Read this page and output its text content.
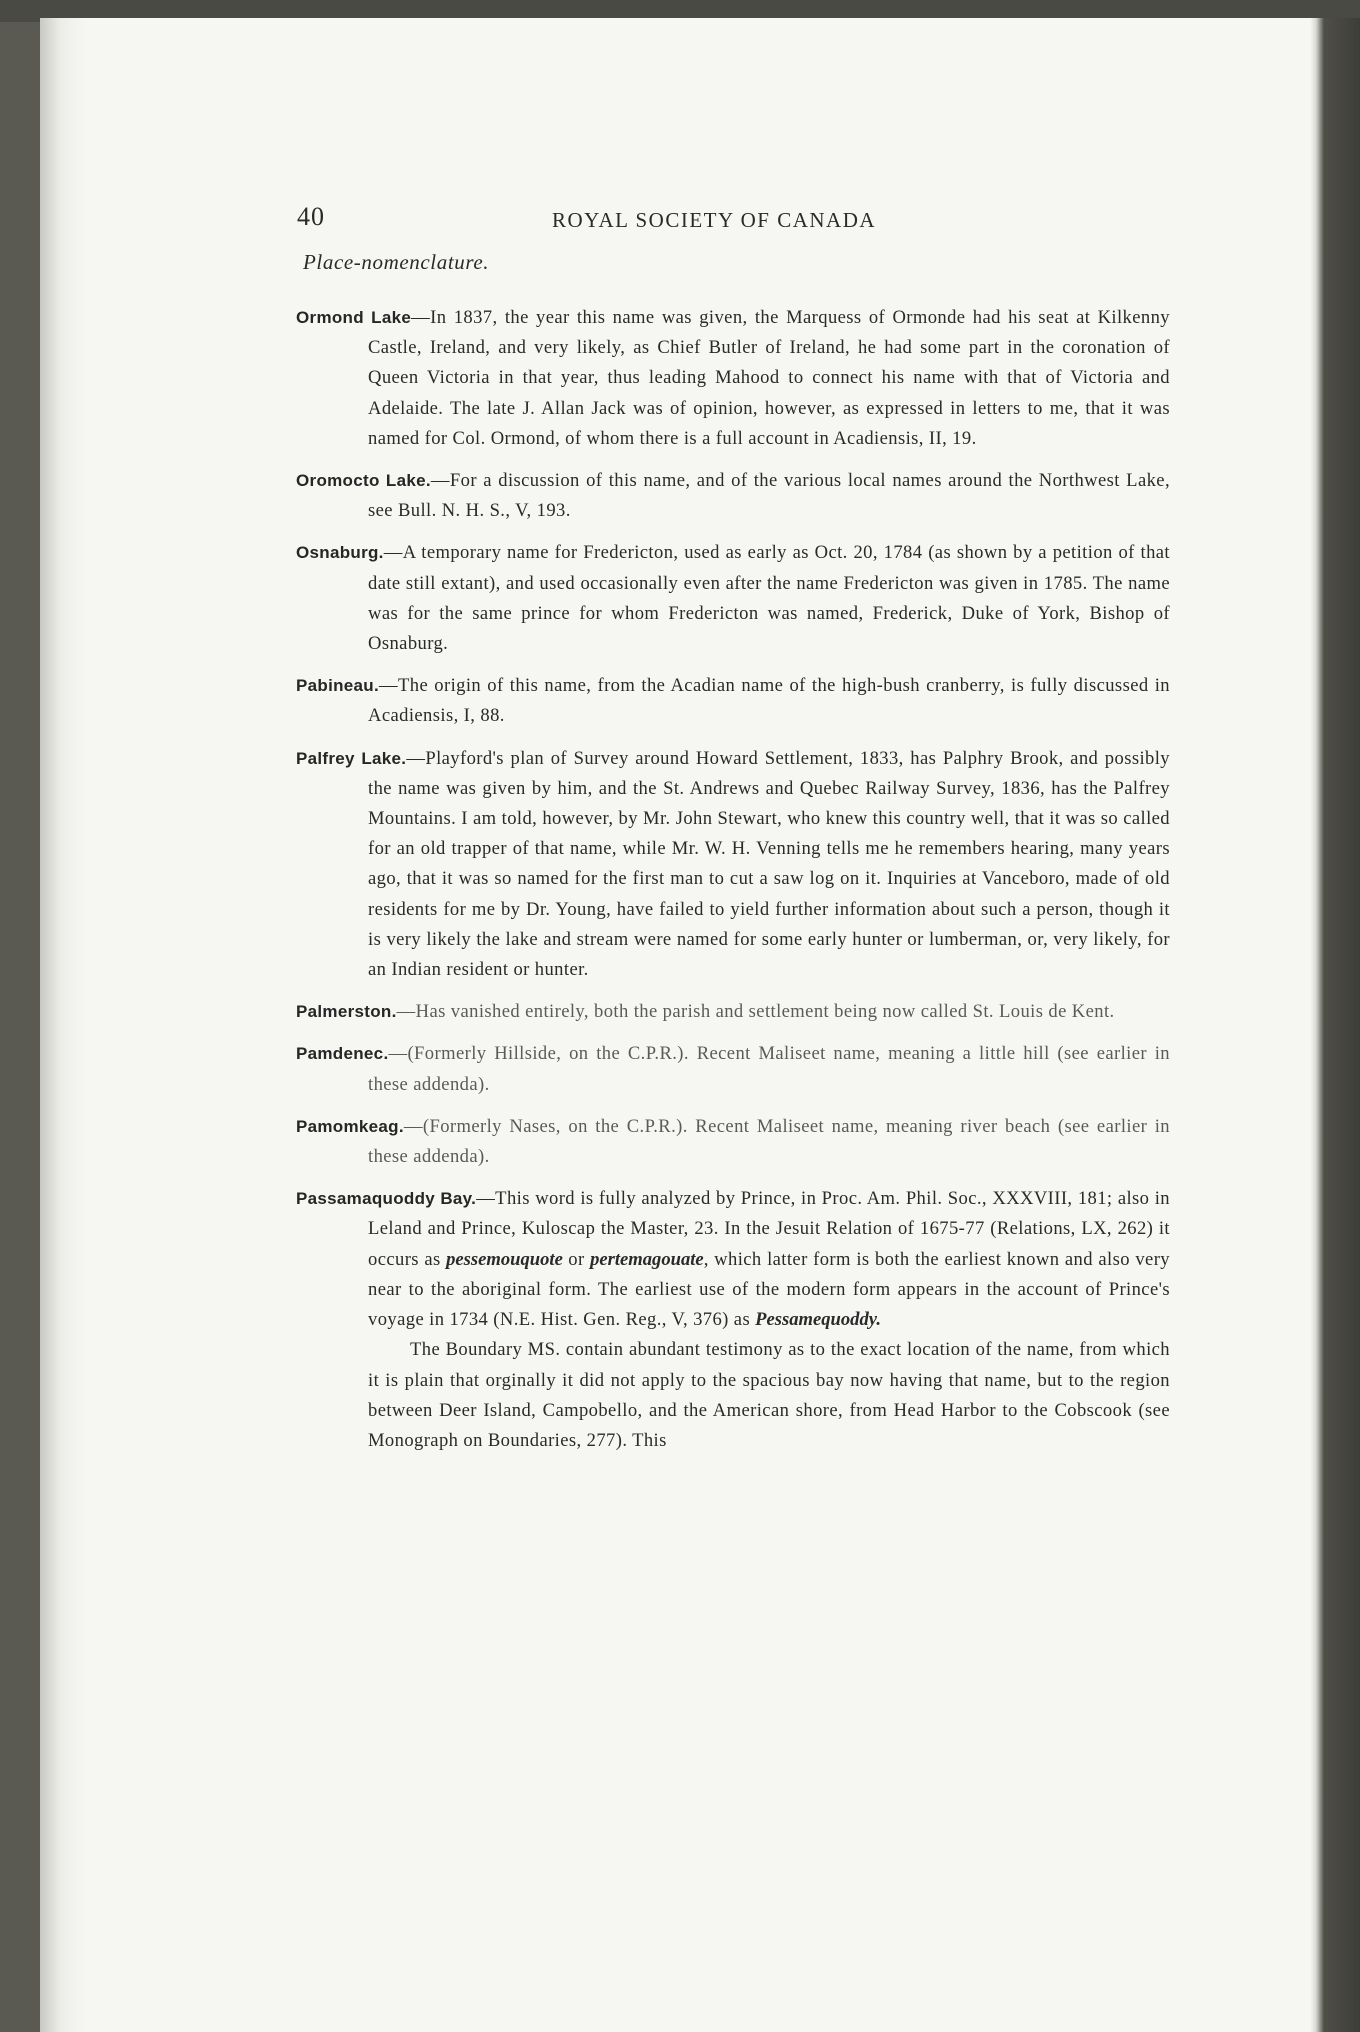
40	ROYAL SOCIETY OF CANADA
Place-nomenclature.

Ormond Lake—In 1837, the year this name was given, the Marquess of Ormonde had his seat at Kilkenny Castle, Ireland, and very likely, as Chief Butler of Ireland, he had some part in the coronation of Queen Victoria in that year, thus leading Mahood to connect his name with that of Victoria and Adelaide. The late J. Allan Jack was of opinion, however, as expressed in letters to me, that it was named for Col. Ormond, of whom there is a full account in Acadiensis, II, 19.

Oromocto Lake.—For a discussion of this name, and of the various local names around the Northwest Lake, see Bull. N. H. S., V, 193.

Osnaburg.—A temporary name for Fredericton, used as early as Oct. 20, 1784 (as shown by a petition of that date still extant), and used occasionally even after the name Fredericton was given in 1785. The name was for the same prince for whom Fredericton was named, Frederick, Duke of York, Bishop of Osnaburg.

Pabineau.—The origin of this name, from the Acadian name of the high-bush cranberry, is fully discussed in Acadiensis, I, 88.

Palfrey Lake.—Playford's plan of Survey around Howard Settlement, 1833, has Palphry Brook, and possibly the name was given by him, and the St. Andrews and Quebec Railway Survey, 1836, has the Palfrey Mountains. I am told, however, by Mr. John Stewart, who knew this country well, that it was so called for an old trapper of that name, while Mr. W. H. Venning tells me he remembers hearing, many years ago, that it was so named for the first man to cut a saw log on it. Inquiries at Vanceboro, made of old residents for me by Dr. Young, have failed to yield further information about such a person, though it is very likely the lake and stream were named for some early hunter or lumberman, or, very likely, for an Indian resident or hunter.

Palmerston.—Has vanished entirely, both the parish and settlement being now called St. Louis de Kent.

Pamdenec.—(Formerly Hillside, on the C.P.R.). Recent Maliseet name, meaning a little hill (see earlier in these addenda).

Pamomkeag.—(Formerly Nases, on the C.P.R.). Recent Maliseet name, meaning river beach (see earlier in these addenda).

Passamaquoddy Bay.—This word is fully analyzed by Prince, in Proc. Am. Phil. Soc., XXXVIII, 181; also in Leland and Prince, Kuloscap the Master, 23. In the Jesuit Relation of 1675-77 (Relations, LX, 262) it occurs as pessemouquote or pertemagouate, which latter form is both the earliest known and also very near to the aboriginal form. The earliest use of the modern form appears in the account of Prince's voyage in 1734 (N.E. Hist. Gen. Reg., V, 376) as Pessamequoddy.

The Boundary MS. contain abundant testimony as to the exact location of the name, from which it is plain that orginally it did not apply to the spacious bay now having that name, but to the region between Deer Island, Campobello, and the American shore, from Head Harbor to the Cobscook (see Monograph on Boundaries, 277). This
